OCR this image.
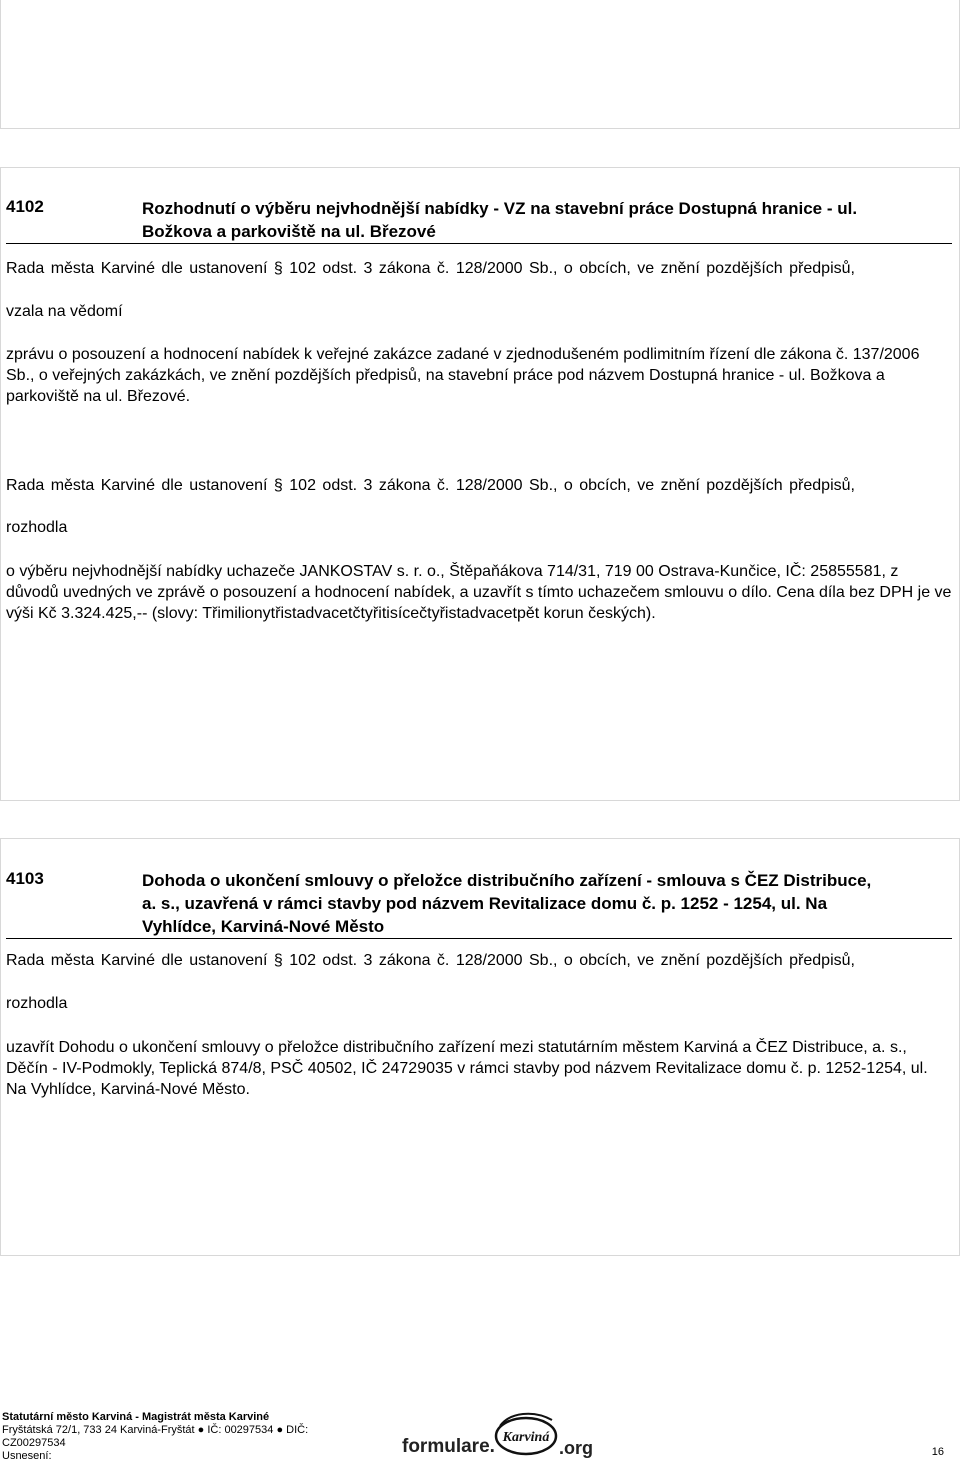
4102	Rozhodnutí o výběru nejvhodnější nabídky - VZ na stavební práce Dostupná hranice - ul.
Božkova a parkoviště na ul. Březové

Rada města Karviné dle ustanovení § 102 odst. 3 zákona č. 128/2000 Sb., o obcích, ve znění pozdějších předpisů,

vzala na vědomí

zprávu o posouzení a hodnocení nabídek k veřejné zakázce zadané v zjednodušeném podlimitním řízení dle zákona č. 137/2006 Sb., o veřejných zakázkách, ve znění pozdějších předpisů, na stavební práce pod názvem Dostupná hranice - ul. Božkova a parkoviště na ul. Březové.

Rada města Karviné dle ustanovení § 102 odst. 3 zákona č. 128/2000 Sb., o obcích, ve znění pozdějších předpisů,

rozhodla

o výběru nejvhodnější nabídky uchazeče JANKOSTAV s. r. o., Štěpaňákova 714/31, 719 00 Ostrava-Kunčice, IČ: 25855581, z důvodů uvedných ve zprávě o posouzení a hodnocení nabídek, a uzavřít s tímto uchazečem smlouvu o dílo. Cena díla bez DPH je ve výši Kč 3.324.425,-- (slovy: Třimilionytřistadvacetčtyřitisícečtyřistadvacetpět korun českých).

4103	Dohoda o ukončení smlouvy o přeložce distribučního zařízení - smlouva s ČEZ Distribuce,
a. s., uzavřená v rámci stavby pod názvem Revitalizace domu č. p. 1252 - 1254, ul. Na
Vyhlídce, Karviná-Nové Město

Rada města Karviné dle ustanovení § 102 odst. 3 zákona č. 128/2000 Sb., o obcích, ve znění pozdějších předpisů,

rozhodla

uzavřít Dohodu o ukončení smlouvy o přeložce distribučního zařízení mezi statutárním městem Karviná a ČEZ Distribuce, a. s., Děčín - IV-Podmokly, Teplická 874/8, PSČ 40502, IČ 24729035 v rámci stavby pod názvem Revitalizace domu č. p. 1252-1254, ul. Na Vyhlídce, Karviná-Nové Město.

Statutární město Karviná - Magistrát města Karviné
Fryštátská 72/1, 733 24 Karviná-Fryštát ● IČ: 00297534 ● DIČ:
CZ00297534
Usnesení:	formulare. Karviná
.org	16
